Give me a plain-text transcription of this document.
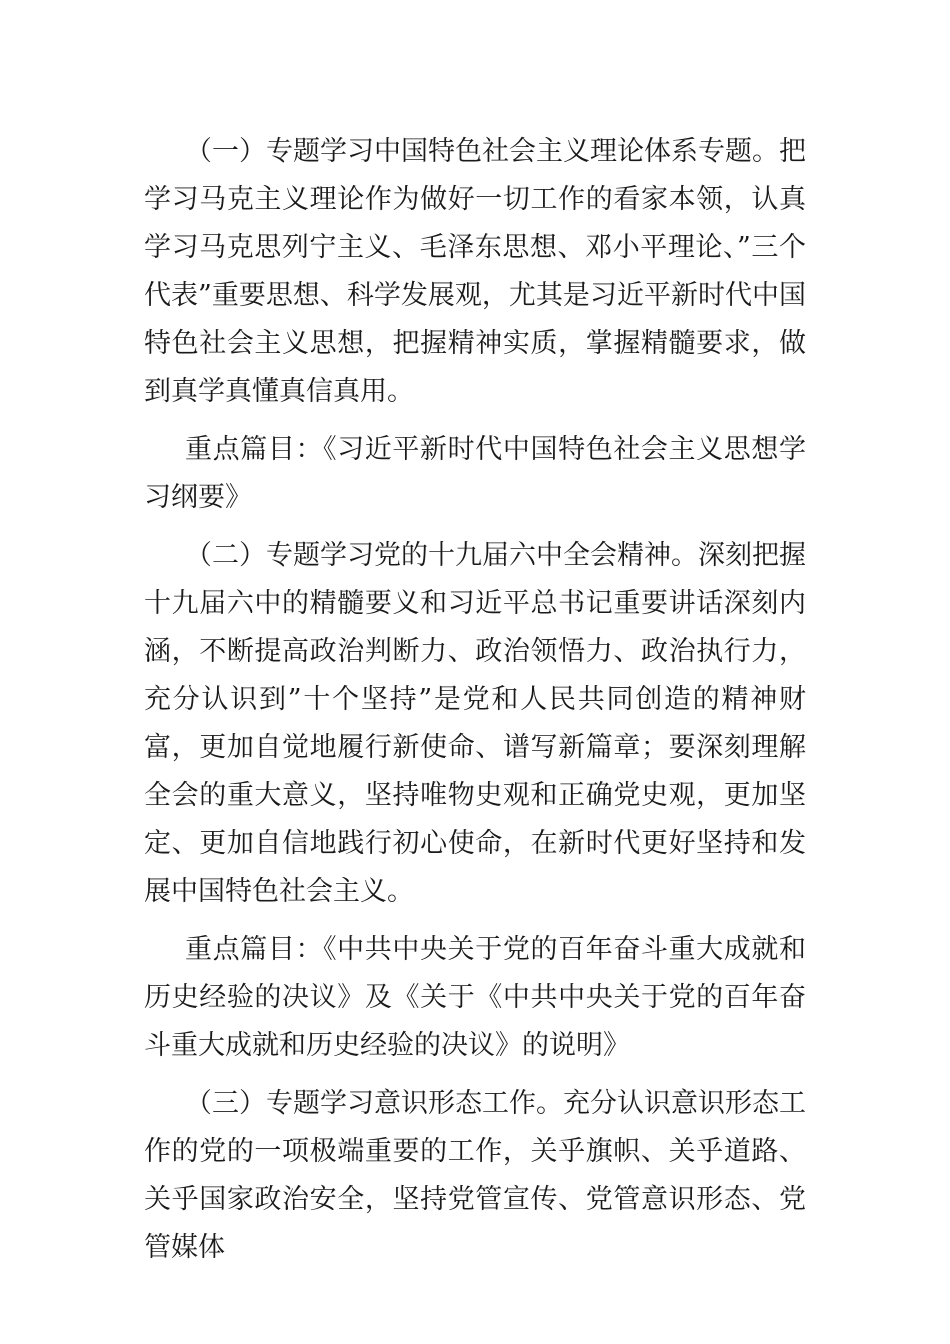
（一）专题学习中国特色社会主义理论体系专题。把学习马克主义理论作为做好一切工作的看家本领，认真学习马克思列宁主义、毛泽东思想、邓小平理论、”三个代表”重要思想、科学发展观，尤其是习近平新时代中国特色社会主义思想，把握精神实质，掌握精髓要求，做到真学真懂真信真用。

重点篇目：《习近平新时代中国特色社会主义思想学习纲要》

（二）专题学习党的十九届六中全会精神。深刻把握十九届六中的精髓要义和习近平总书记重要讲话深刻内涵，不断提高政治判断力、政治领悟力、政治执行力，充分认识到”十个坚持”是党和人民共同创造的精神财富，更加自觉地履行新使命、谱写新篇章；要深刻理解全会的重大意义，坚持唯物史观和正确党史观，更加坚定、更加自信地践行初心使命，在新时代更好坚持和发展中国特色社会主义。

重点篇目：《中共中央关于党的百年奋斗重大成就和历史经验的决议》及《关于《中共中央关于党的百年奋斗重大成就和历史经验的决议》的说明》

（三）专题学习意识形态工作。充分认识意识形态工作的党的一项极端重要的工作，关乎旗帜、关乎道路、关乎国家政治安全，坚持党管宣传、党管意识形态、党管媒体
